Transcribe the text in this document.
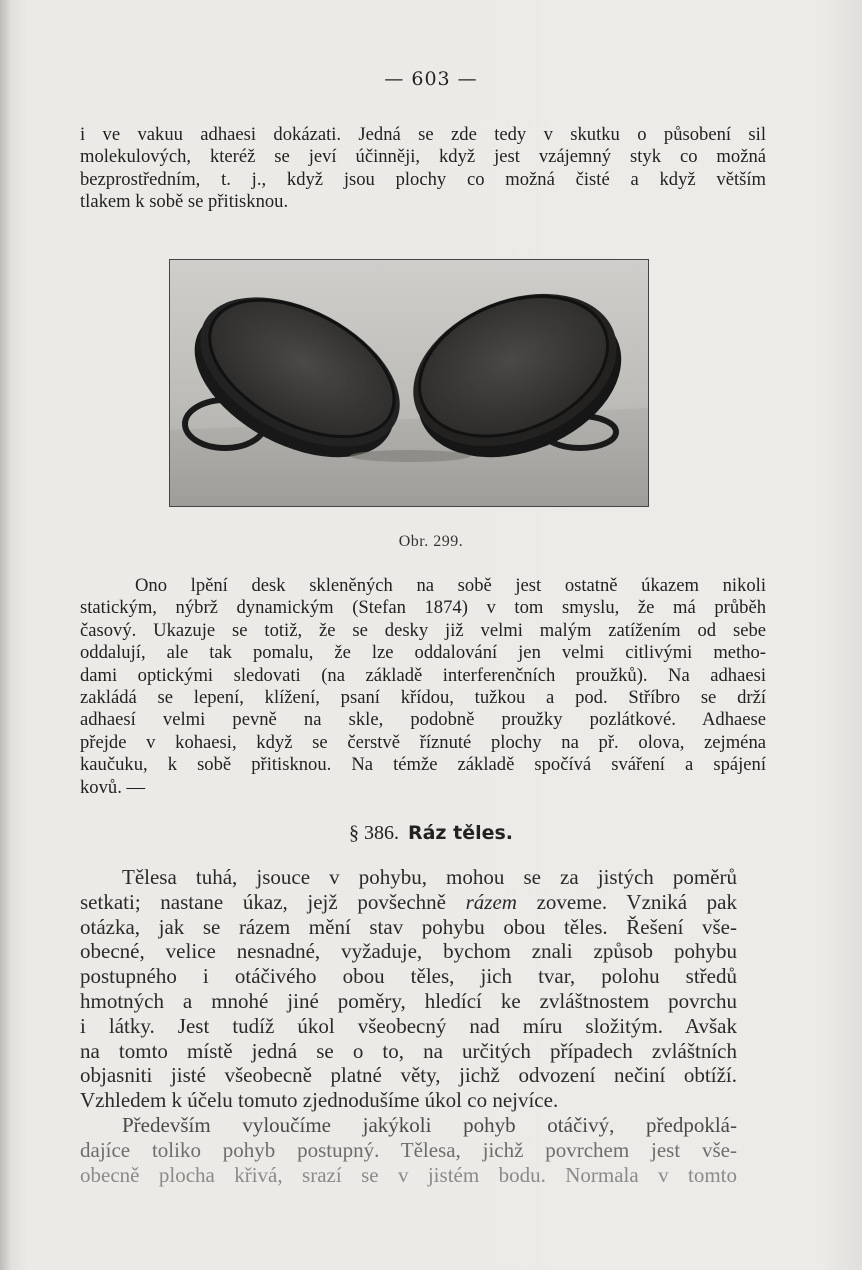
— 603 —

i ve vakuu adhaesi dokázati. Jedná se zde tedy v skutku o působení sil
molekulových, kteréž se jeví účinněji, když jest vzájemný styk co možná
bezprostředním, t. j., když jsou plochy co možná čisté a když větším
tlakem k sobě se přitisknou.

Obr. 299.

Ono lpění desk skleněných na sobě jest ostatně úkazem nikoli
statickým, nýbrž dynamickým (Stefan 1874) v tom smyslu, že má průběh
časový. Ukazuje se totiž, že se desky již velmi malým zatížením od sebe
oddalují, ale tak pomalu, že lze oddalování jen velmi citlivými metho-
dami optickými sledovati (na základě interferenčních proužků). Na adhaesi
zakládá se lepení, klížení, psaní křídou, tužkou a pod. Stříbro se drží
adhaesí velmi pevně na skle, podobně proužky pozlátkové. Adhaese
přejde v kohaesi, když se čerstvě říznuté plochy na př. olova, zejména
kaučuku, k sobě přitisknou. Na témže základě spočívá sváření a spájení
kovů. —

§ 386. Ráz těles.
Tělesa tuhá, jsouce v pohybu, mohou se za jistých poměrů
setkati; nastane úkaz, jejž povšechně rázem zoveme. Vzniká pak
otázka, jak se rázem mění stav pohybu obou těles. Řešení vše-
obecné, velice nesnadné, vyžaduje, bychom znali způsob pohybu
postupného i otáčivého obou těles, jich tvar, polohu středů
hmotných a mnohé jiné poměry, hledící ke zvláštnostem povrchu
i látky. Jest tudíž úkol všeobecný nad míru složitým. Avšak
na tomto místě jedná se o to, na určitých případech zvláštních
objasniti jisté všeobecně platné věty, jichž odvození nečiní obtíží.
Vzhledem k účelu tomuto zjednodušíme úkol co nejvíce.
Především vyloučíme jakýkoli pohyb otáčivý, předpoklá-
dajíce toliko pohyb postupný. Tělesa, jichž povrchem jest vše-
obecně plocha křivá, srazí se v jistém bodu. Normala v tomto
